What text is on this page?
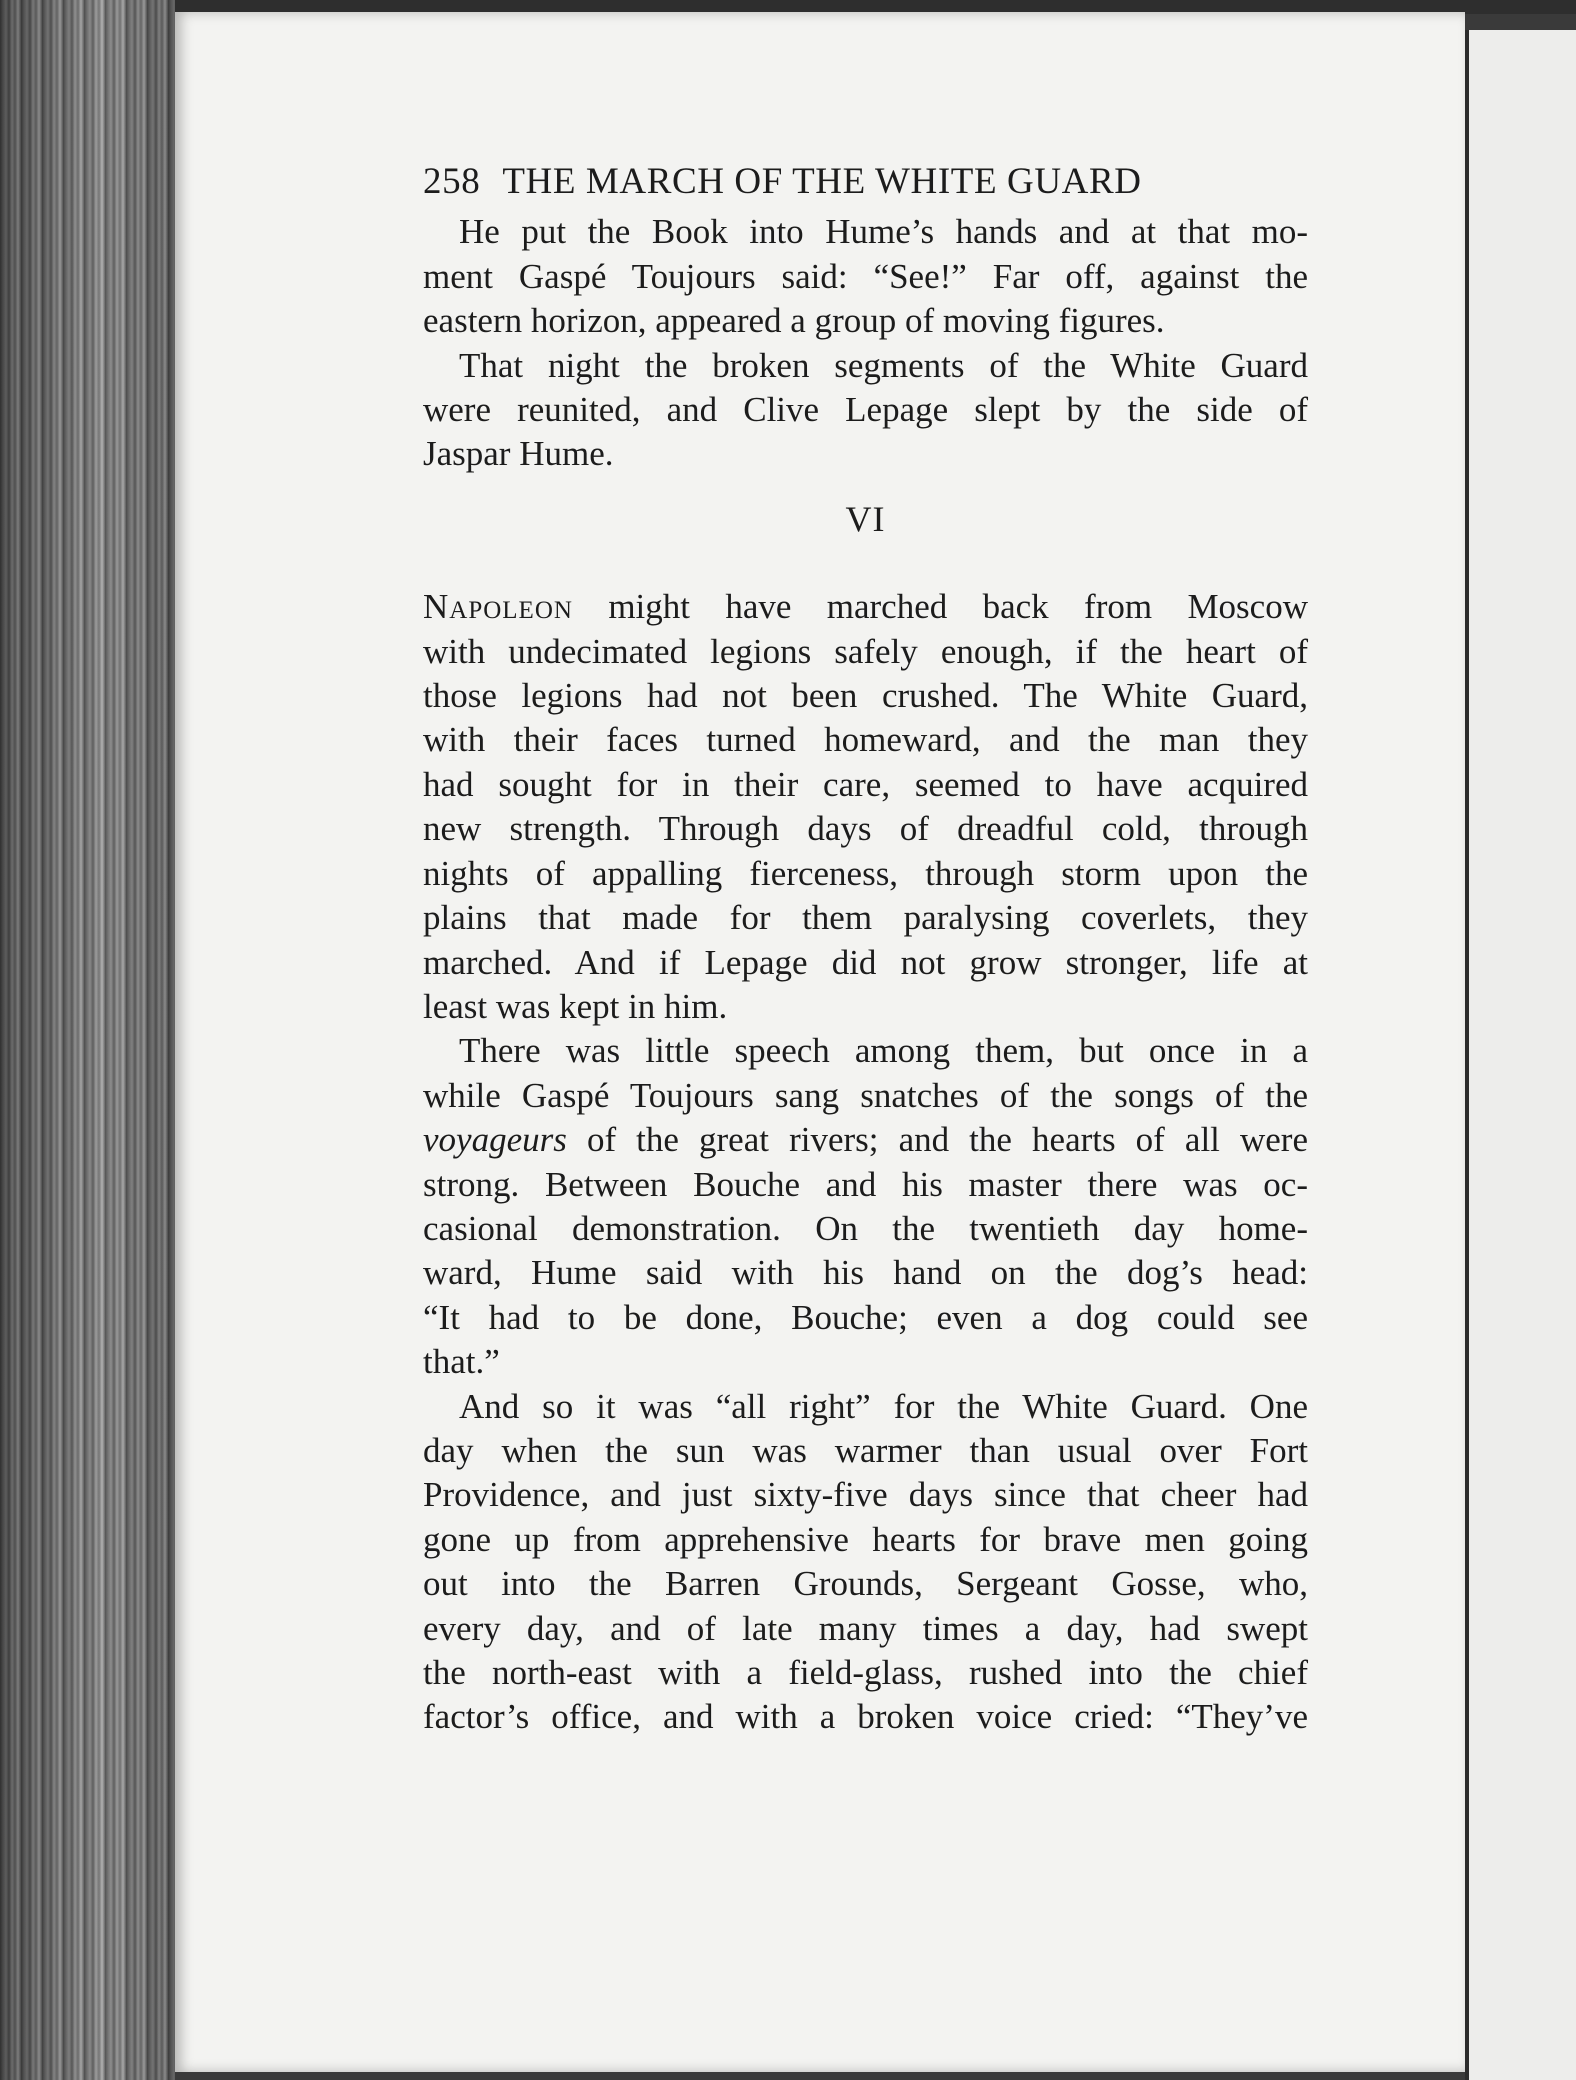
258 THE MARCH OF THE WHITE GUARD
He put the Book into Hume’s hands and at that mo-
ment Gaspé Toujours said: “See!” Far off, against the
eastern horizon, appeared a group of moving figures.
That night the broken segments of the White Guard
were reunited, and Clive Lepage slept by the side of
Jaspar Hume.
VI
Napoleon might have marched back from Moscow
with undecimated legions safely enough, if the heart of
those legions had not been crushed. The White Guard,
with their faces turned homeward, and the man they
had sought for in their care, seemed to have acquired
new strength. Through days of dreadful cold, through
nights of appalling fierceness, through storm upon the
plains that made for them paralysing coverlets, they
marched. And if Lepage did not grow stronger, life at
least was kept in him.
There was little speech among them, but once in a
while Gaspé Toujours sang snatches of the songs of the
voyageurs of the great rivers; and the hearts of all were
strong. Between Bouche and his master there was oc-
casional demonstration. On the twentieth day home-
ward, Hume said with his hand on the dog’s head:
“It had to be done, Bouche; even a dog could see
that.”
And so it was “all right” for the White Guard. One
day when the sun was warmer than usual over Fort
Providence, and just sixty-five days since that cheer had
gone up from apprehensive hearts for brave men going
out into the Barren Grounds, Sergeant Gosse, who,
every day, and of late many times a day, had swept
the north-east with a field-glass, rushed into the chief
factor’s office, and with a broken voice cried: “They’ve
